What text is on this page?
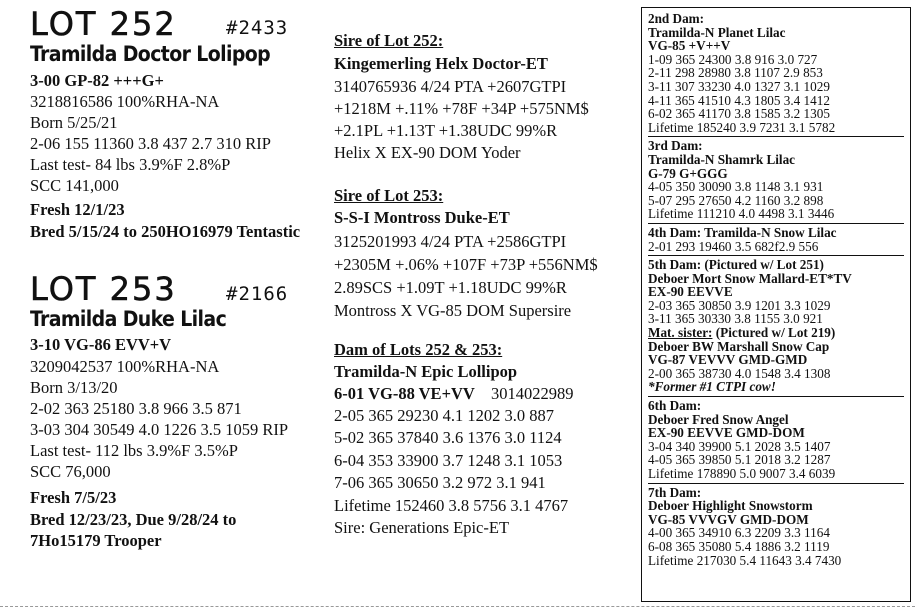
LOT 252	#2433
Tramilda Doctor Lolipop
3-00 GP-82 +++G+
3218816586 100%RHA-NA
Born 5/25/21
2-06 155 11360 3.8 437 2.7 310 RIP
Last test- 84 lbs 3.9%F 2.8%P
SCC 141,000
Fresh 12/1/23
Bred 5/15/24 to 250HO16979 Tentastic
LOT 253	#2166
Tramilda Duke Lilac
3-10 VG-86 EVV+V
3209042537 100%RHA-NA
Born 3/13/20
2-02 363 25180 3.8 966 3.5 871
3-03 304 30549 4.0 1226 3.5 1059 RIP
Last test- 112 lbs 3.9%F 3.5%P
SCC 76,000
Fresh 7/5/23
Bred 12/23/23, Due 9/28/24 to
7Ho15179 Trooper
Sire of Lot 252:
Kingemerling Helx Doctor-ET
3140765936 4/24 PTA +2607GTPI
+1218M +.11% +78F +34P +575NM$
+2.1PL +1.13T +1.38UDC 99%R
Helix X EX-90 DOM Yoder
Sire of Lot 253:
S-S-I Montross Duke-ET
3125201993 4/24 PTA +2586GTPI
+2305M +.06% +107F +73P +556NM$
2.89SCS +1.09T +1.18UDC 99%R
Montross X VG-85 DOM Supersire
Dam of Lots 252 & 253:
Tramilda-N Epic Lollipop
6-01 VG-88 VE+VV 3014022989
2-05 365 29230 4.1 1202 3.0 887
5-02 365 37840 3.6 1376 3.0 1124
6-04 353 33900 3.7 1248 3.1 1053
7-06 365 30650 3.2 972 3.1 941
Lifetime 152460 3.8 5756 3.1 4767
Sire: Generations Epic-ET
2nd Dam:
Tramilda-N Planet Lilac
VG-85 +V++V
1-09 365 24300 3.8 916 3.0 727
2-11 298 28980 3.8 1107 2.9 853
3-11 307 33230 4.0 1327 3.1 1029
4-11 365 41510 4.3 1805 3.4 1412
6-02 365 41170 3.8 1585 3.2 1305
Lifetime 185240 3.9 7231 3.1 5782
3rd Dam:
Tramilda-N Shamrk Lilac
G-79 G+GGG
4-05 350 30090 3.8 1148 3.1 931
5-07 295 27650 4.2 1160 3.2 898
Lifetime 111210 4.0 4498 3.1 3446
4th Dam: Tramilda-N Snow Lilac
2-01 293 19460 3.5 682f2.9 556
5th Dam: (Pictured w/ Lot 251)
Deboer Mort Snow Mallard-ET*TV
EX-90 EEVVE
2-03 365 30850 3.9 1201 3.3 1029
3-11 365 30330 3.8 1155 3.0 921
Mat. sister: (Pictured w/ Lot 219)
Deboer BW Marshall Snow Cap
VG-87 VEVVV GMD-GMD
2-00 365 38730 4.0 1548 3.4 1308
*Former #1 CTPI cow!
6th Dam:
Deboer Fred Snow Angel
EX-90 EEVVE GMD-DOM
3-04 340 39900 5.1 2028 3.5 1407
4-05 365 39850 5.1 2018 3.2 1287
Lifetime 178890 5.0 9007 3.4 6039
7th Dam:
Deboer Highlight Snowstorm
VG-85 VVVGV GMD-DOM
4-00 365 34910 6.3 2209 3.3 1164
6-08 365 35080 5.4 1886 3.2 1119
Lifetime 217030 5.4 11643 3.4 7430
